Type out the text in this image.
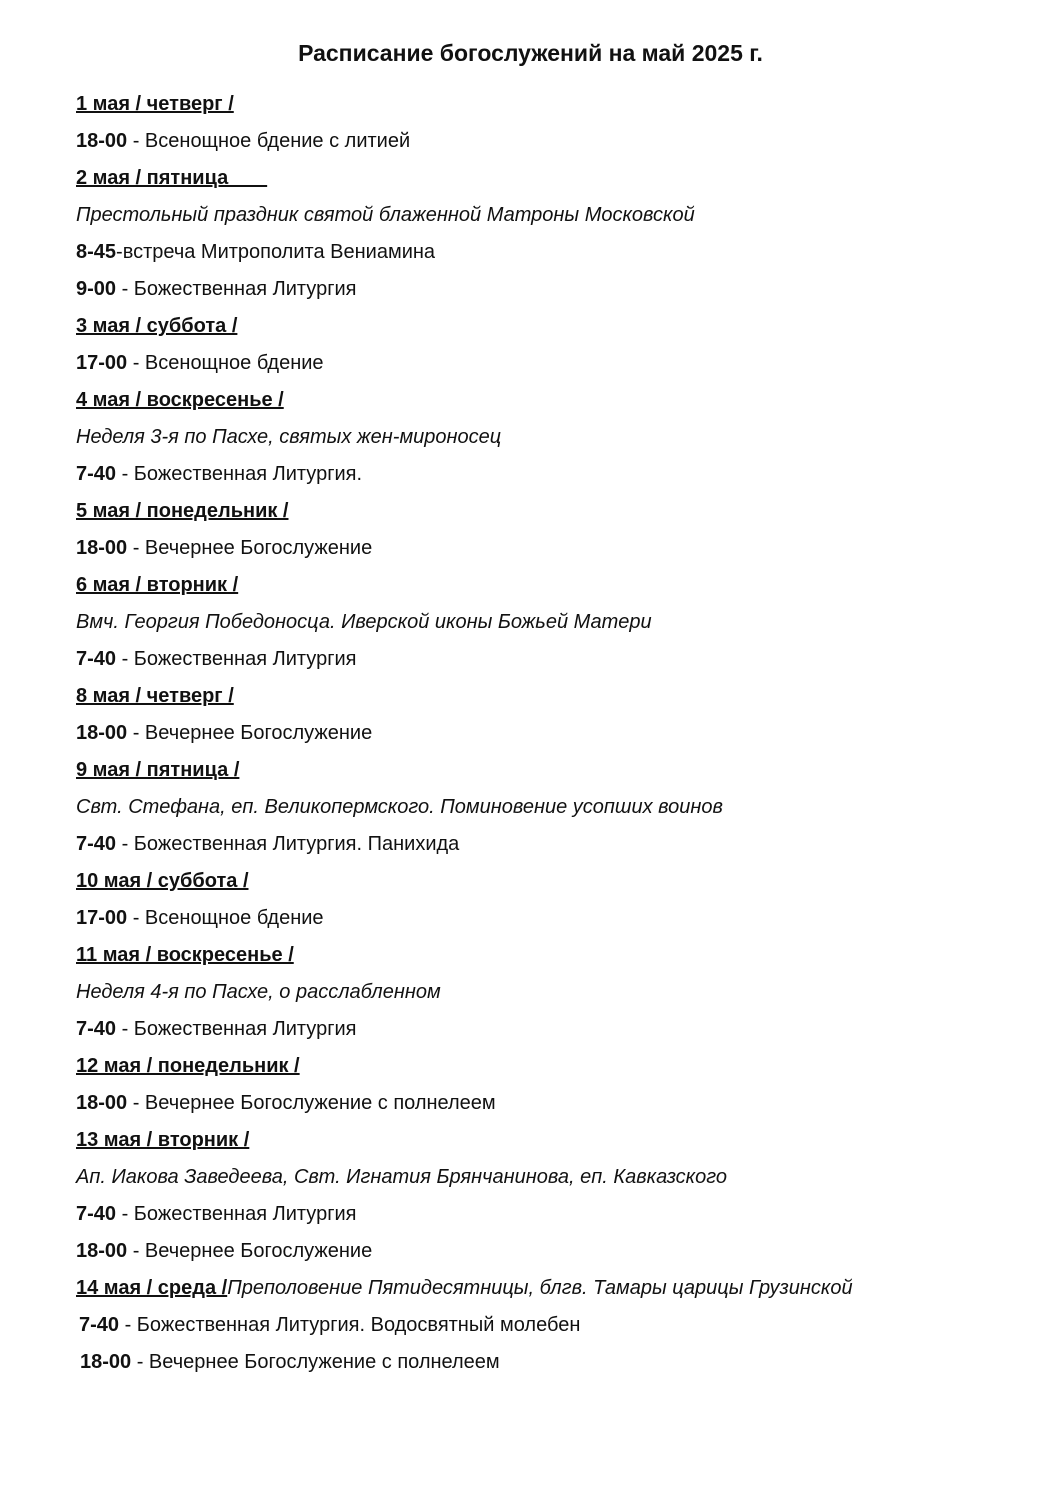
Расписание богослужений на май 2025 г.
1 мая / четверг /
18-00 - Всенощное бдение с литией
2 мая / пятница
Престольный праздник святой блаженной Матроны Московской
8-45-встреча Митрополита Вениамина
9-00 - Божественная Литургия
3 мая / суббота /
17-00 - Всенощное бдение
4 мая / воскресенье /
Неделя 3-я по Пасхе, святых жен-мироносец
7-40 - Божественная Литургия.
5 мая / понедельник /
18-00 - Вечернее Богослужение
6 мая / вторник /
Вмч. Георгия Победоносца. Иверской иконы Божьей Матери
7-40 - Божественная Литургия
8 мая / четверг /
18-00 - Вечернее Богослужение
9 мая / пятница /
Свт. Стефана, еп. Великопермского. Поминовение усопших воинов
7-40 - Божественная Литургия. Панихида
10 мая / суббота /
17-00 - Всенощное бдение
11 мая / воскресенье /
Неделя 4-я по Пасхе, о расслабленном
7-40 - Божественная Литургия
12 мая / понедельник /
18-00 - Вечернее Богослужение с полнелеем
13 мая / вторник /
Ап. Иакова Заведеева, Свт. Игнатия Брянчанинова, еп. Кавказского
7-40 - Божественная Литургия
18-00 - Вечернее Богослужение
14 мая / среда /Преполовение Пятидесятницы, блгв. Тамары царицы Грузинской
7-40 - Божественная Литургия. Водосвятный молебен
18-00 - Вечернее Богослужение с полнелеем
